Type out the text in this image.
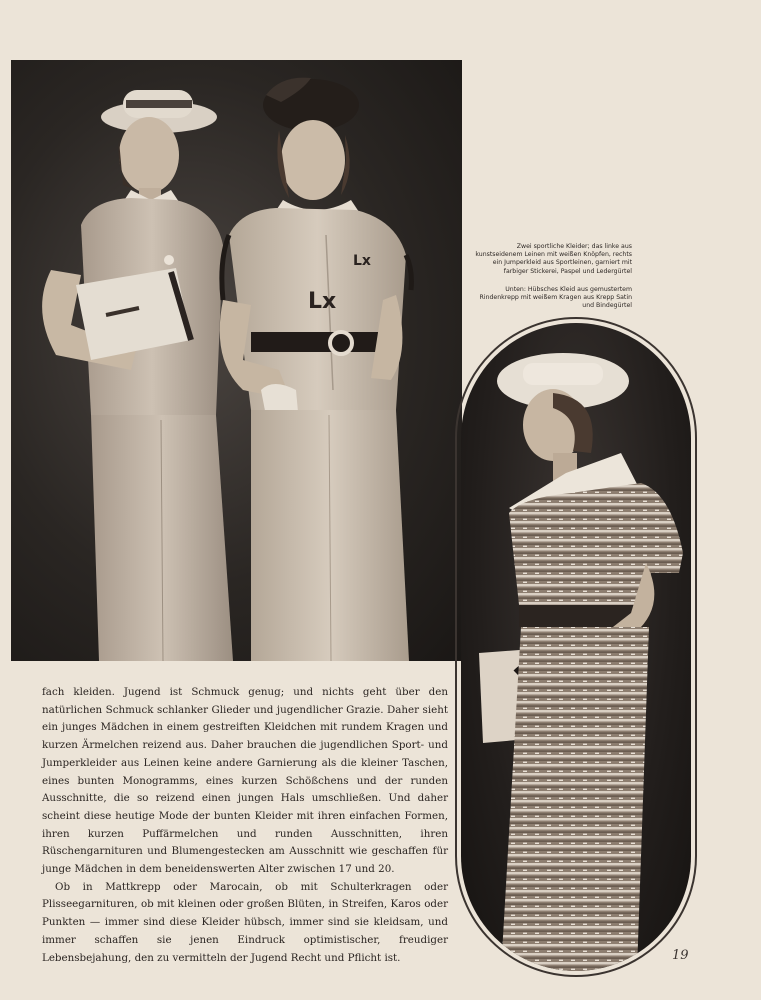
Lx
Lx

Zwei sportliche Kleider; das linke aus kunstseidenem Leinen mit weißen Knöpfen, rechts ein Jumperkleid aus Sportleinen, garniert mit farbiger Stickerei, Paspel und Ledergürtel

Unten: Hübsches Kleid aus gemustertem Rindenkrepp mit weißem Kragen aus Krepp Satin und Bindegürtel

fach kleiden. Jugend ist Schmuck genug; und nichts geht über den natürlichen Schmuck schlanker Glieder und jugendlicher Grazie. Daher sieht ein junges Mädchen in einem gestreiften Kleidchen mit rundem Kragen und kurzen Ärmelchen reizend aus. Daher brauchen die jugendlichen Sport- und Jumperkleider aus Leinen keine andere Garnierung als die kleiner Taschen, eines bunten Monogramms, eines kurzen Schößchens und der runden Ausschnitte, die so reizend einen jungen Hals umschließen. Und daher scheint diese heutige Mode der bunten Kleider mit ihren einfachen Formen, ihren kurzen Puffärmelchen und runden Ausschnitten, ihren Rüschengarnituren und Blumengestecken am Ausschnitt wie geschaffen für junge Mädchen in dem beneidenswerten Alter zwischen 17 und 20.

Ob in Mattkrepp oder Marocain, ob mit Schulterkragen oder Plisseegarnituren, ob mit kleinen oder großen Blüten, in Streifen, Karos oder Punkten — immer sind diese Kleider hübsch, immer sind sie kleidsam, und immer schaffen sie jenen Eindruck optimistischer, freudiger Lebensbejahung, den zu vermitteln der Jugend Recht und Pflicht ist.	19
